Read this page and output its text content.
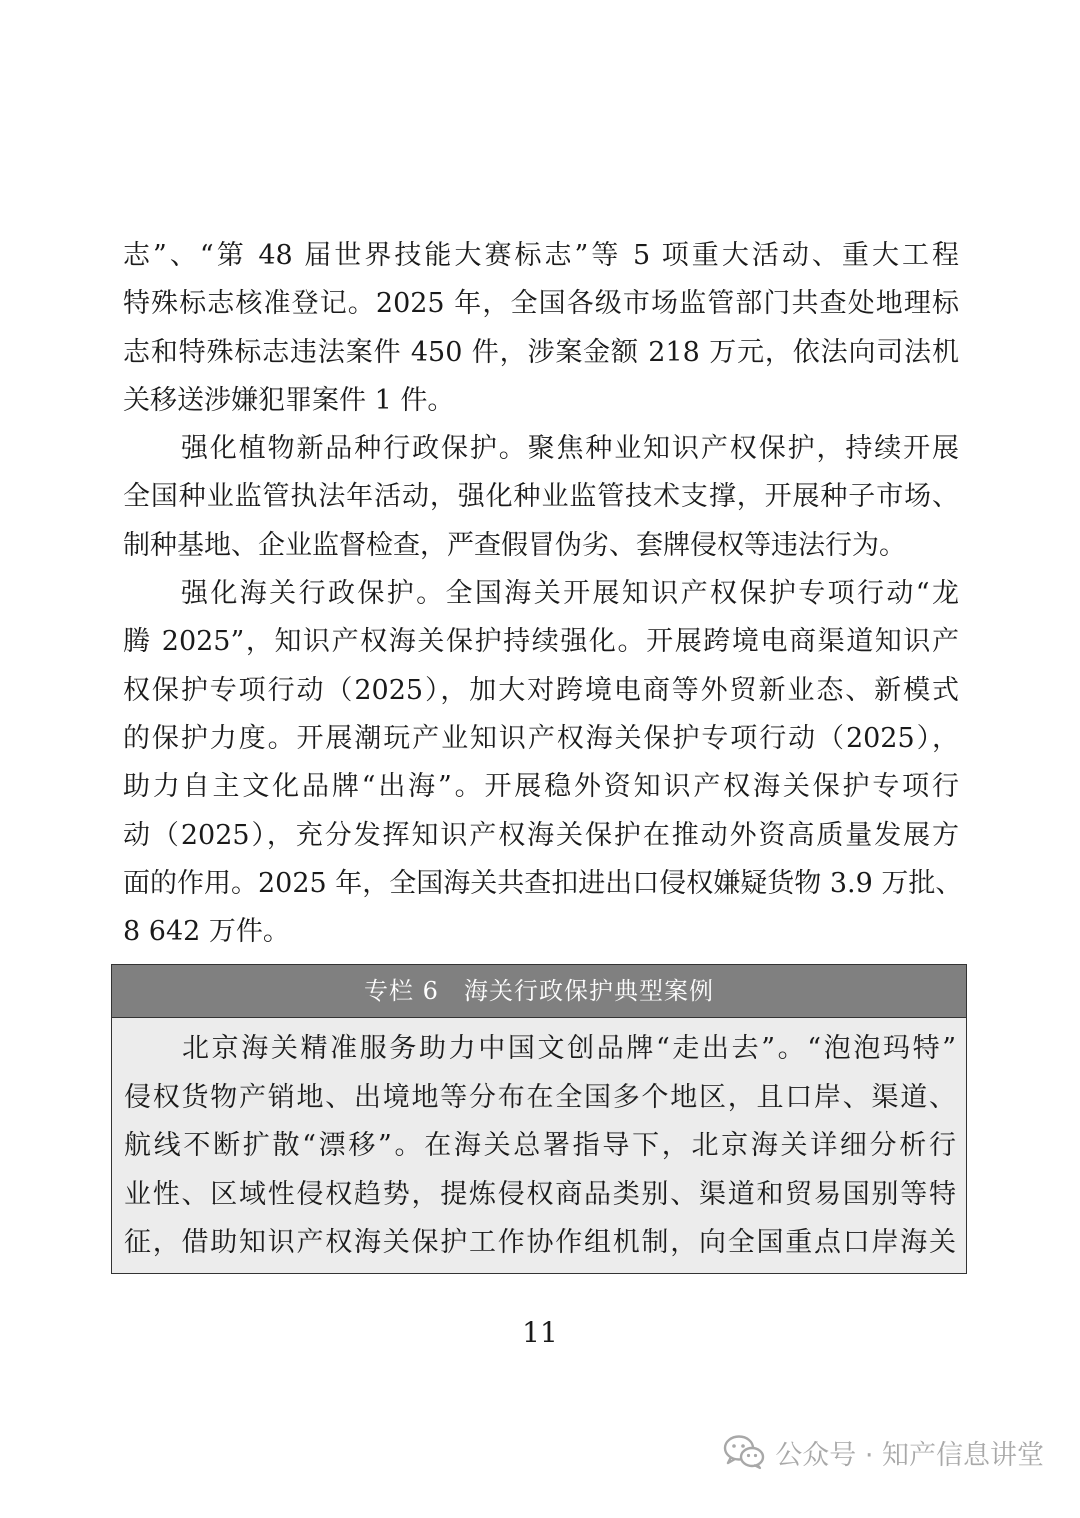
志”、“第 48 届世界技能大赛标志”等 5 项重大活动、重大工程
特殊标志核准登记。2025 年，全国各级市场监管部门共查处地理标
志和特殊标志违法案件 450 件，涉案金额 218 万元，依法向司法机
关移送涉嫌犯罪案件 1 件。
强化植物新品种行政保护。聚焦种业知识产权保护，持续开展
全国种业监管执法年活动，强化种业监管技术支撑，开展种子市场、
制种基地、企业监督检查，严查假冒伪劣、套牌侵权等违法行为。
强化海关行政保护。全国海关开展知识产权保护专项行动“龙
腾 2025”，知识产权海关保护持续强化。开展跨境电商渠道知识产
权保护专项行动（2025），加大对跨境电商等外贸新业态、新模式
的保护力度。开展潮玩产业知识产权海关保护专项行动（2025），
助力自主文化品牌“出海”。开展稳外资知识产权海关保护专项行
动（2025），充分发挥知识产权海关保护在推动外资高质量发展方
面的作用。2025 年，全国海关共查扣进出口侵权嫌疑货物 3.9 万批、
8 642 万件。
专栏 6　海关行政保护典型案例
北京海关精准服务助力中国文创品牌“走出去”。“泡泡玛特”
侵权货物产销地、出境地等分布在全国多个地区，且口岸、渠道、
航线不断扩散“漂移”。在海关总署指导下，北京海关详细分析行
业性、区域性侵权趋势，提炼侵权商品类别、渠道和贸易国别等特
征，借助知识产权海关保护工作协作组机制，向全国重点口岸海关
11
公众号 · 知产信息讲堂
